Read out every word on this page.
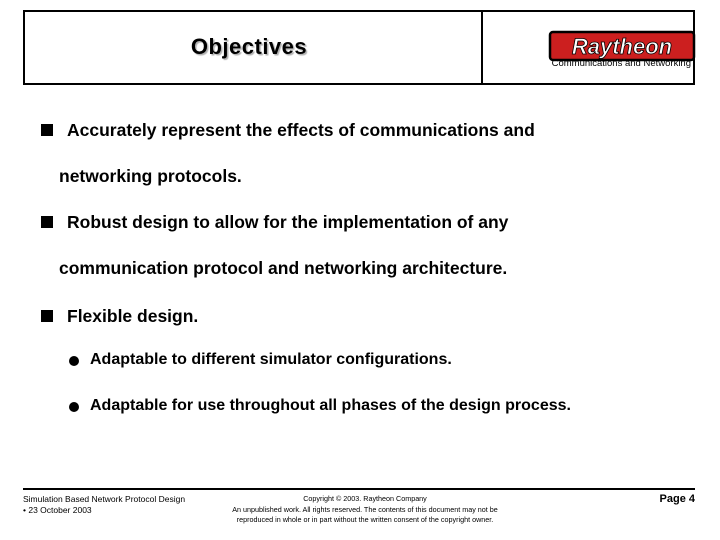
Objectives	Raytheon
Communications and Networking
Accurately represent the effects of communications and
networking protocols.
Robust design to allow for the implementation of any
communication protocol and networking architecture.
Flexible design.
Adaptable to different simulator configurations.
Adaptable for use throughout all phases of the design process.
Simulation Based Network Protocol Design
• 23 October 2003
Copyright © 2003. Raytheon Company
An unpublished work. All rights reserved. The contents of this document may not be
reproduced in whole or in part without the written consent of the copyright owner.
Page 4
